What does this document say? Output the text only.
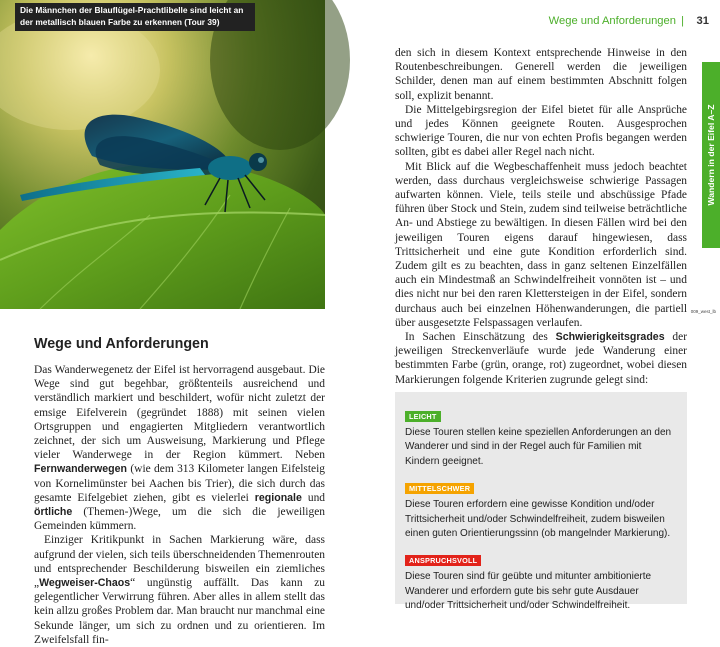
Die Männchen der Blauflügel-Prachtlibelle sind leicht an der metallisch blauen Farbe zu erkennen (Tour 39)
009_west_lb
Wege und Anforderungen | 31
Wandern in der Eifel A–Z
Wege und Anforderungen

Das Wanderwegenetz der Eifel ist hervorragend ausgebaut. Die Wege sind gut begehbar, größtenteils ausreichend und verständlich markiert und beschildert, wofür nicht zuletzt der emsige Eifelverein (gegründet 1888) mit seinen vielen Ortsgruppen und engagierten Mitgliedern verantwortlich zeichnet, der sich um Ausweisung, Markierung und Pflege vieler Wanderwege in der Region kümmert. Neben Fernwanderwegen (wie dem 313 Kilometer langen Eifelsteig von Kornelimünster bei Aachen bis Trier), die sich durch das gesamte Eifelgebiet ziehen, gibt es vielerlei regionale und örtliche (Themen-)Wege, um die sich die jeweiligen Gemeinden kümmern.

Einziger Kritikpunkt in Sachen Markierung wäre, dass aufgrund der vielen, sich teils überschneidenden Themenrouten und entsprechender Beschilderung bisweilen ein ziemliches „Wegweiser-Chaos“ ungünstig auffällt. Das kann zu gelegentlicher Verwirrung führen. Aber alles in allem stellt das kein allzu großes Problem dar. Man braucht nur manchmal eine Sekunde länger, um sich zu ordnen und zu orientieren. Im Zweifelsfall fin-

den sich in diesem Kontext entsprechende Hinweise in den Routenbeschreibungen. Generell werden die jeweiligen Schilder, denen man auf einem bestimmten Abschnitt folgen soll, explizit benannt.

Die Mittelgebirgsregion der Eifel bietet für alle Ansprüche und jedes Können geeignete Routen. Ausgesprochen schwierige Touren, die nur von echten Profis begangen werden sollten, gibt es dabei aller Regel nach nicht.

Mit Blick auf die Wegbeschaffenheit muss jedoch beachtet werden, dass durchaus vergleichsweise schwierige Passagen aufwarten können. Viele, teils steile und abschüssige Pfade führen über Stock und Stein, zudem sind teilweise beträchtliche An- und Abstiege zu bewältigen. In diesen Fällen wird bei den jeweiligen Touren eigens darauf hingewiesen, dass Trittsicherheit und eine gute Kondition erforderlich sind. Zudem gilt es zu beachten, dass in ganz seltenen Einzelfällen auch ein Mindestmaß an Schwindelfreiheit vonnöten ist – und dies nicht nur bei den raren Klettersteigen in der Eifel, sondern durchaus auch bei einzelnen Höhenwanderungen, die partiell über ausgesetzte Felspassagen verlaufen.

In Sachen Einschätzung des Schwierigkeitsgrades der jeweiligen Streckenverläufe wurde jede Wanderung einer bestimmten Farbe (grün, orange, rot) zugeordnet, wobei diesen Markierungen folgende Kriterien zugrunde gelegt sind:

LEICHT

Diese Touren stellen keine speziellen Anforderungen an den Wanderer und sind in der Regel auch für Familien mit Kindern geeignet.

MITTELSCHWER

Diese Touren erfordern eine gewisse Kondition und/oder Trittsicherheit und/oder Schwindelfreiheit, zudem bisweilen einen guten Orientierungssinn (ob mangelnder Markierung).

ANSPRUCHSVOLL

Diese Touren sind für geübte und mitunter ambitionierte Wanderer und erfordern gute bis sehr gute Ausdauer und/oder Trittsicherheit und/oder Schwindelfreiheit.
